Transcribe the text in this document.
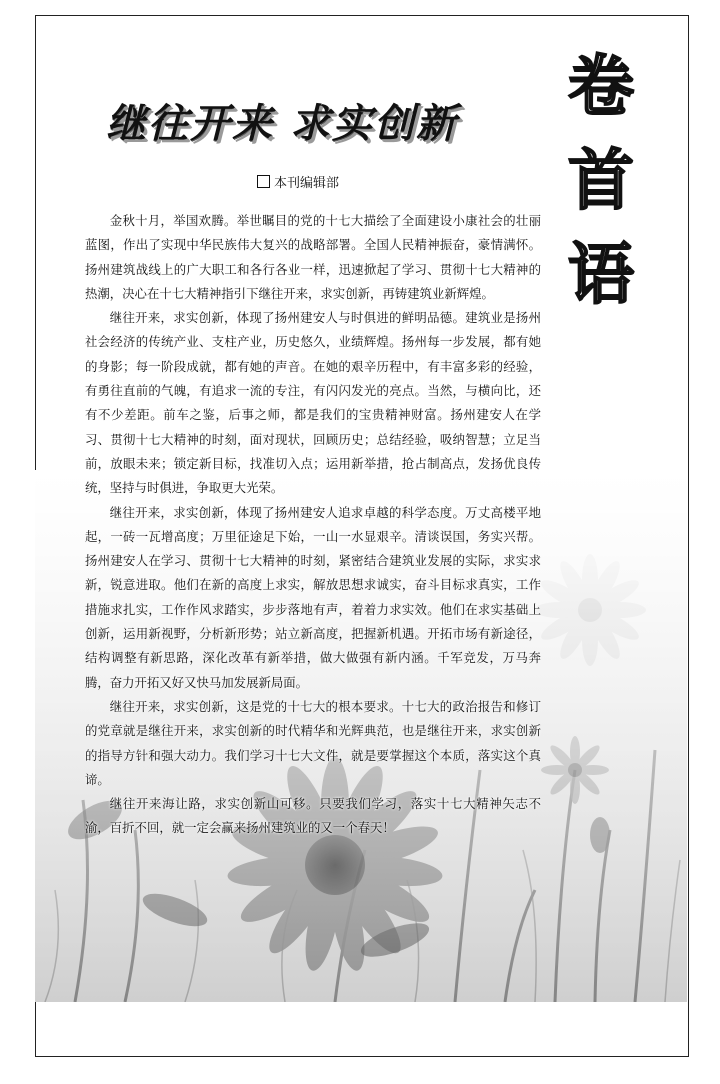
继往开来 求实创新
本刊编辑部
卷
首
语

金秋十月，举国欢腾。举世瞩目的党的十七大描绘了全面建设小康社会的壮丽蓝图，作出了实现中华民族伟大复兴的战略部署。全国人民精神振奋，豪情满怀。扬州建筑战线上的广大职工和各行各业一样，迅速掀起了学习、贯彻十七大精神的热潮，决心在十七大精神指引下继往开来，求实创新，再铸建筑业新辉煌。

继往开来，求实创新，体现了扬州建安人与时俱进的鲜明品德。建筑业是扬州社会经济的传统产业、支柱产业，历史悠久，业绩辉煌。扬州每一步发展，都有她的身影；每一阶段成就，都有她的声音。在她的艰辛历程中，有丰富多彩的经验，有勇往直前的气魄，有追求一流的专注，有闪闪发光的亮点。当然，与横向比，还有不少差距。前车之鉴，后事之师，都是我们的宝贵精神财富。扬州建安人在学习、贯彻十七大精神的时刻，面对现状，回顾历史；总结经验，吸纳智慧；立足当前，放眼未来；锁定新目标，找准切入点；运用新举措，抢占制高点，发扬优良传统，坚持与时俱进，争取更大光荣。

继往开来，求实创新，体现了扬州建安人追求卓越的科学态度。万丈高楼平地起，一砖一瓦增高度；万里征途足下始，一山一水显艰辛。清谈误国，务实兴帮。扬州建安人在学习、贯彻十七大精神的时刻，紧密结合建筑业发展的实际，求实求新，锐意进取。他们在新的高度上求实，解放思想求诚实，奋斗目标求真实，工作措施求扎实，工作作风求踏实，步步落地有声，着着力求实效。他们在求实基础上创新，运用新视野，分析新形势；站立新高度，把握新机遇。开拓市场有新途径，结构调整有新思路，深化改革有新举措，做大做强有新内涵。千军竞发，万马奔腾，奋力开拓又好又快马加发展新局面。

继往开来，求实创新，这是党的十七大的根本要求。十七大的政治报告和修订的党章就是继往开来，求实创新的时代精华和光辉典范，也是继往开来，求实创新的指导方针和强大动力。我们学习十七大文件，就是要掌握这个本质，落实这个真谛。

继往开来海让路，求实创新山可移。只要我们学习，落实十七大精神矢志不渝，百折不回，就一定会赢来扬州建筑业的又一个春天！
